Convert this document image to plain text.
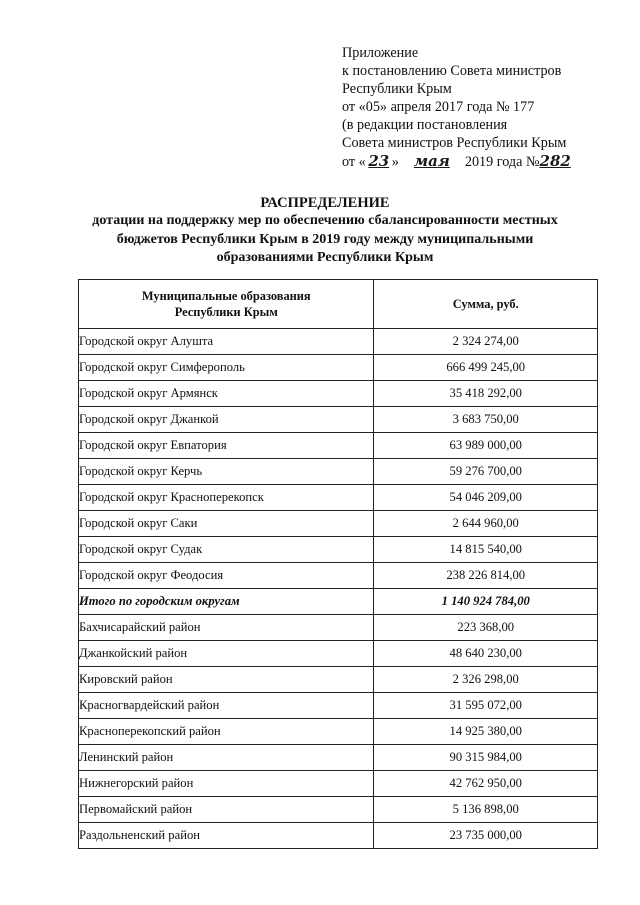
Приложение
к постановлению Совета министров
Республики Крым
от «05» апреля 2017 года № 177
(в редакции постановления
Совета министров Республики Крым
от « 23 » мая 2019 года №282
РАСПРЕДЕЛЕНИЕ
дотации на поддержку мер по обеспечению сбалансированности местных
бюджетов Республики Крым в 2019 году между муниципальными
образованиями Республики Крым
Муниципальные образования
Республики Крым	Сумма, руб.
Городской округ Алушта	2 324 274,00
Городской округ Симферополь	666 499 245,00
Городской округ Армянск	35 418 292,00
Городской округ Джанкой	3 683 750,00
Городской округ Евпатория	63 989 000,00
Городской округ Керчь	59 276 700,00
Городской округ Красноперекопск	54 046 209,00
Городской округ Саки	2 644 960,00
Городской округ Судак	14 815 540,00
Городской округ Феодосия	238 226 814,00
Итого по городским округам	1 140 924 784,00
Бахчисарайский район	223 368,00
Джанкойский район	48 640 230,00
Кировский район	2 326 298,00
Красногвардейский район	31 595 072,00
Красноперекопский район	14 925 380,00
Ленинский район	90 315 984,00
Нижнегорский район	42 762 950,00
Первомайский район	5 136 898,00
Раздольненский район	23 735 000,00
